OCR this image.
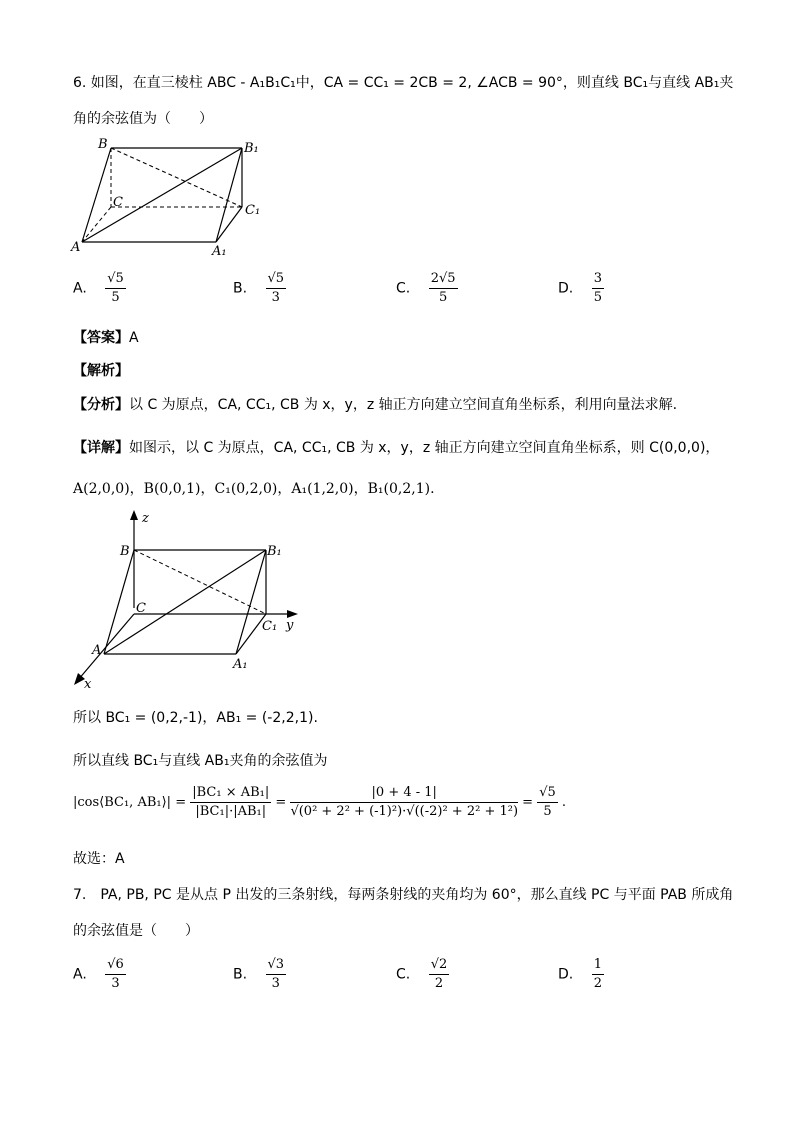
6. 如图，在直三棱柱 ABC - A₁B₁C₁中，CA = CC₁ = 2CB = 2, ∠ACB = 90°，则直线 BC₁与直线 AB₁夹
角的余弦值为（　　）
B	B₁
C
C₁
A	A₁
A. $\frac{√5}{5}$	B. $\frac{√5}{3}$	C. $\frac{2√5}{5}$	D. $\frac{3}{5}$
【答案】A
【解析】
【分析】以 C 为原点，CA, CC₁, CB 为 x，y，z 轴正方向建立空间直角坐标系，利用向量法求解.
【详解】如图示，以 C 为原点，CA, CC₁, CB 为 x，y，z 轴正方向建立空间直角坐标系，则 C(0,0,0)，
A(2,0,0)，B(0,0,1)，C₁(0,2,0)，A₁(1,2,0)，B₁(0,2,1).
z
y
x
B	B₁
C
C₁
A
A₁
所以 BC₁ = (0,2,-1)，AB₁ = (-2,2,1).
所以直线 BC₁与直线 AB₁夹角的余弦值为
|cos⟨BC₁, AB₁⟩| = $\frac{\text{|BC₁ × AB₁|}}{\text{|BC₁|·|AB₁|}} = \frac{|0 + 4 - 1|}{\text{√(0² + 2² + (-1)²)·√((-2)² + 2² + 1²)}} = \frac{√5}{5}$ .
故选：A
7.　PA, PB, PC 是从点 P 出发的三条射线，每两条射线的夹角均为 60°，那么直线 PC 与平面 PAB 所成角
的余弦值是（　　）
A. $\frac{√6}{3}$	B. $\frac{√3}{3}$	C. $\frac{√2}{2}$	D. $\frac{1}{2}$
